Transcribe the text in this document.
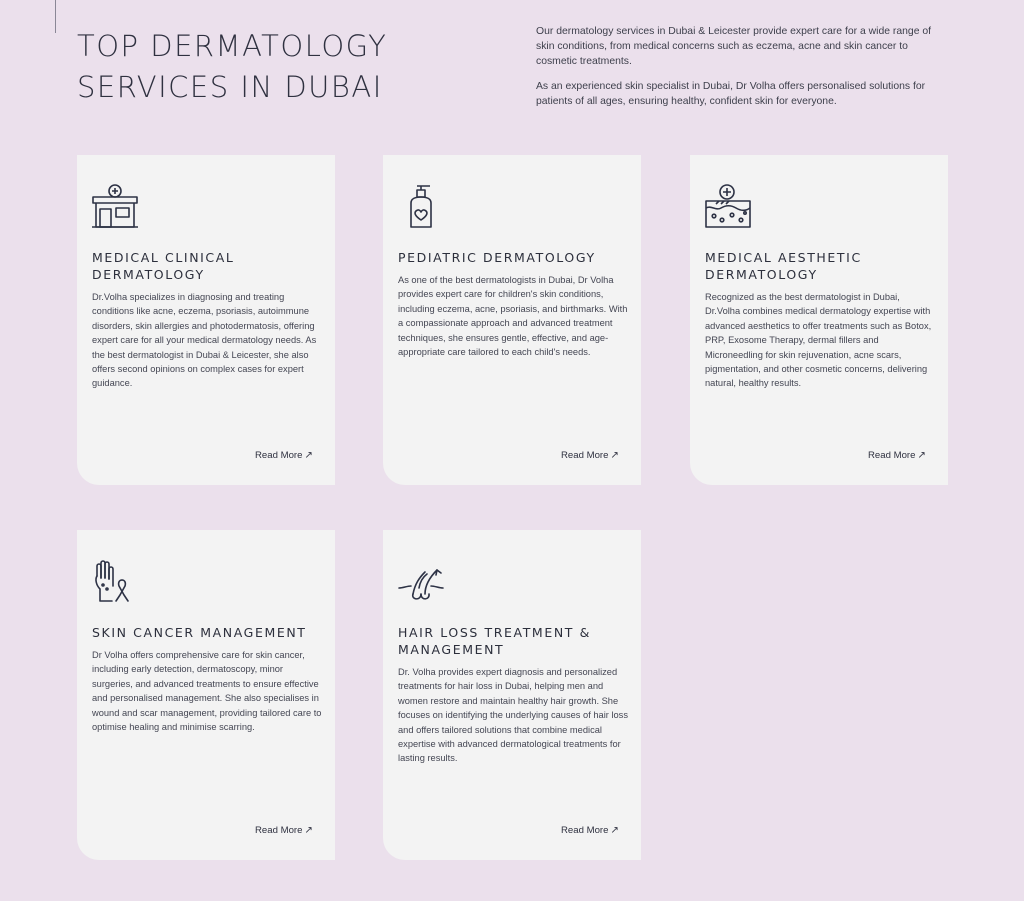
TOP DERMATOLOGY
SERVICES IN DUBAI

Our dermatology services in Dubai & Leicester provide expert care for a wide range of skin conditions, from medical concerns such as eczema, acne and skin cancer to cosmetic treatments.

As an experienced skin specialist in Dubai, Dr Volha offers personalised solutions for patients of all ages, ensuring healthy, confident skin for everyone.

MEDICAL CLINICAL DERMATOLOGY

Dr.Volha specializes in diagnosing and treating conditions like acne, eczema, psoriasis, autoimmune disorders, skin allergies and photodermatosis, offering expert care for all your medical dermatology needs. As the best dermatologist in Dubai & Leicester, she also offers second opinions on complex cases for expert guidance.

Read More ↗
PEDIATRIC DERMATOLOGY

As one of the best dermatologists in Dubai, Dr Volha provides expert care for children's skin conditions, including eczema, acne, psoriasis, and birthmarks. With a compassionate approach and advanced treatment techniques, she ensures gentle, effective, and age-appropriate care tailored to each child's needs.

Read More ↗
MEDICAL AESTHETIC DERMATOLOGY

Recognized as the best dermatologist in Dubai, Dr.Volha combines medical dermatology expertise with advanced aesthetics to offer treatments such as Botox, PRP, Exosome Therapy, dermal fillers and Microneedling for skin rejuvenation, acne scars, pigmentation, and other cosmetic concerns, delivering natural, healthy results.

Read More ↗
SKIN CANCER MANAGEMENT

Dr Volha offers comprehensive care for skin cancer, including early detection, dermatoscopy, minor surgeries, and advanced treatments to ensure effective and personalised management. She also specialises in wound and scar management, providing tailored care to optimise healing and minimise scarring.

Read More ↗
HAIR LOSS TREATMENT & MANAGEMENT

Dr. Volha provides expert diagnosis and personalized treatments for hair loss in Dubai, helping men and women restore and maintain healthy hair growth. She focuses on identifying the underlying causes of hair loss and offers tailored solutions that combine medical expertise with advanced dermatological treatments for lasting results.

Read More ↗
